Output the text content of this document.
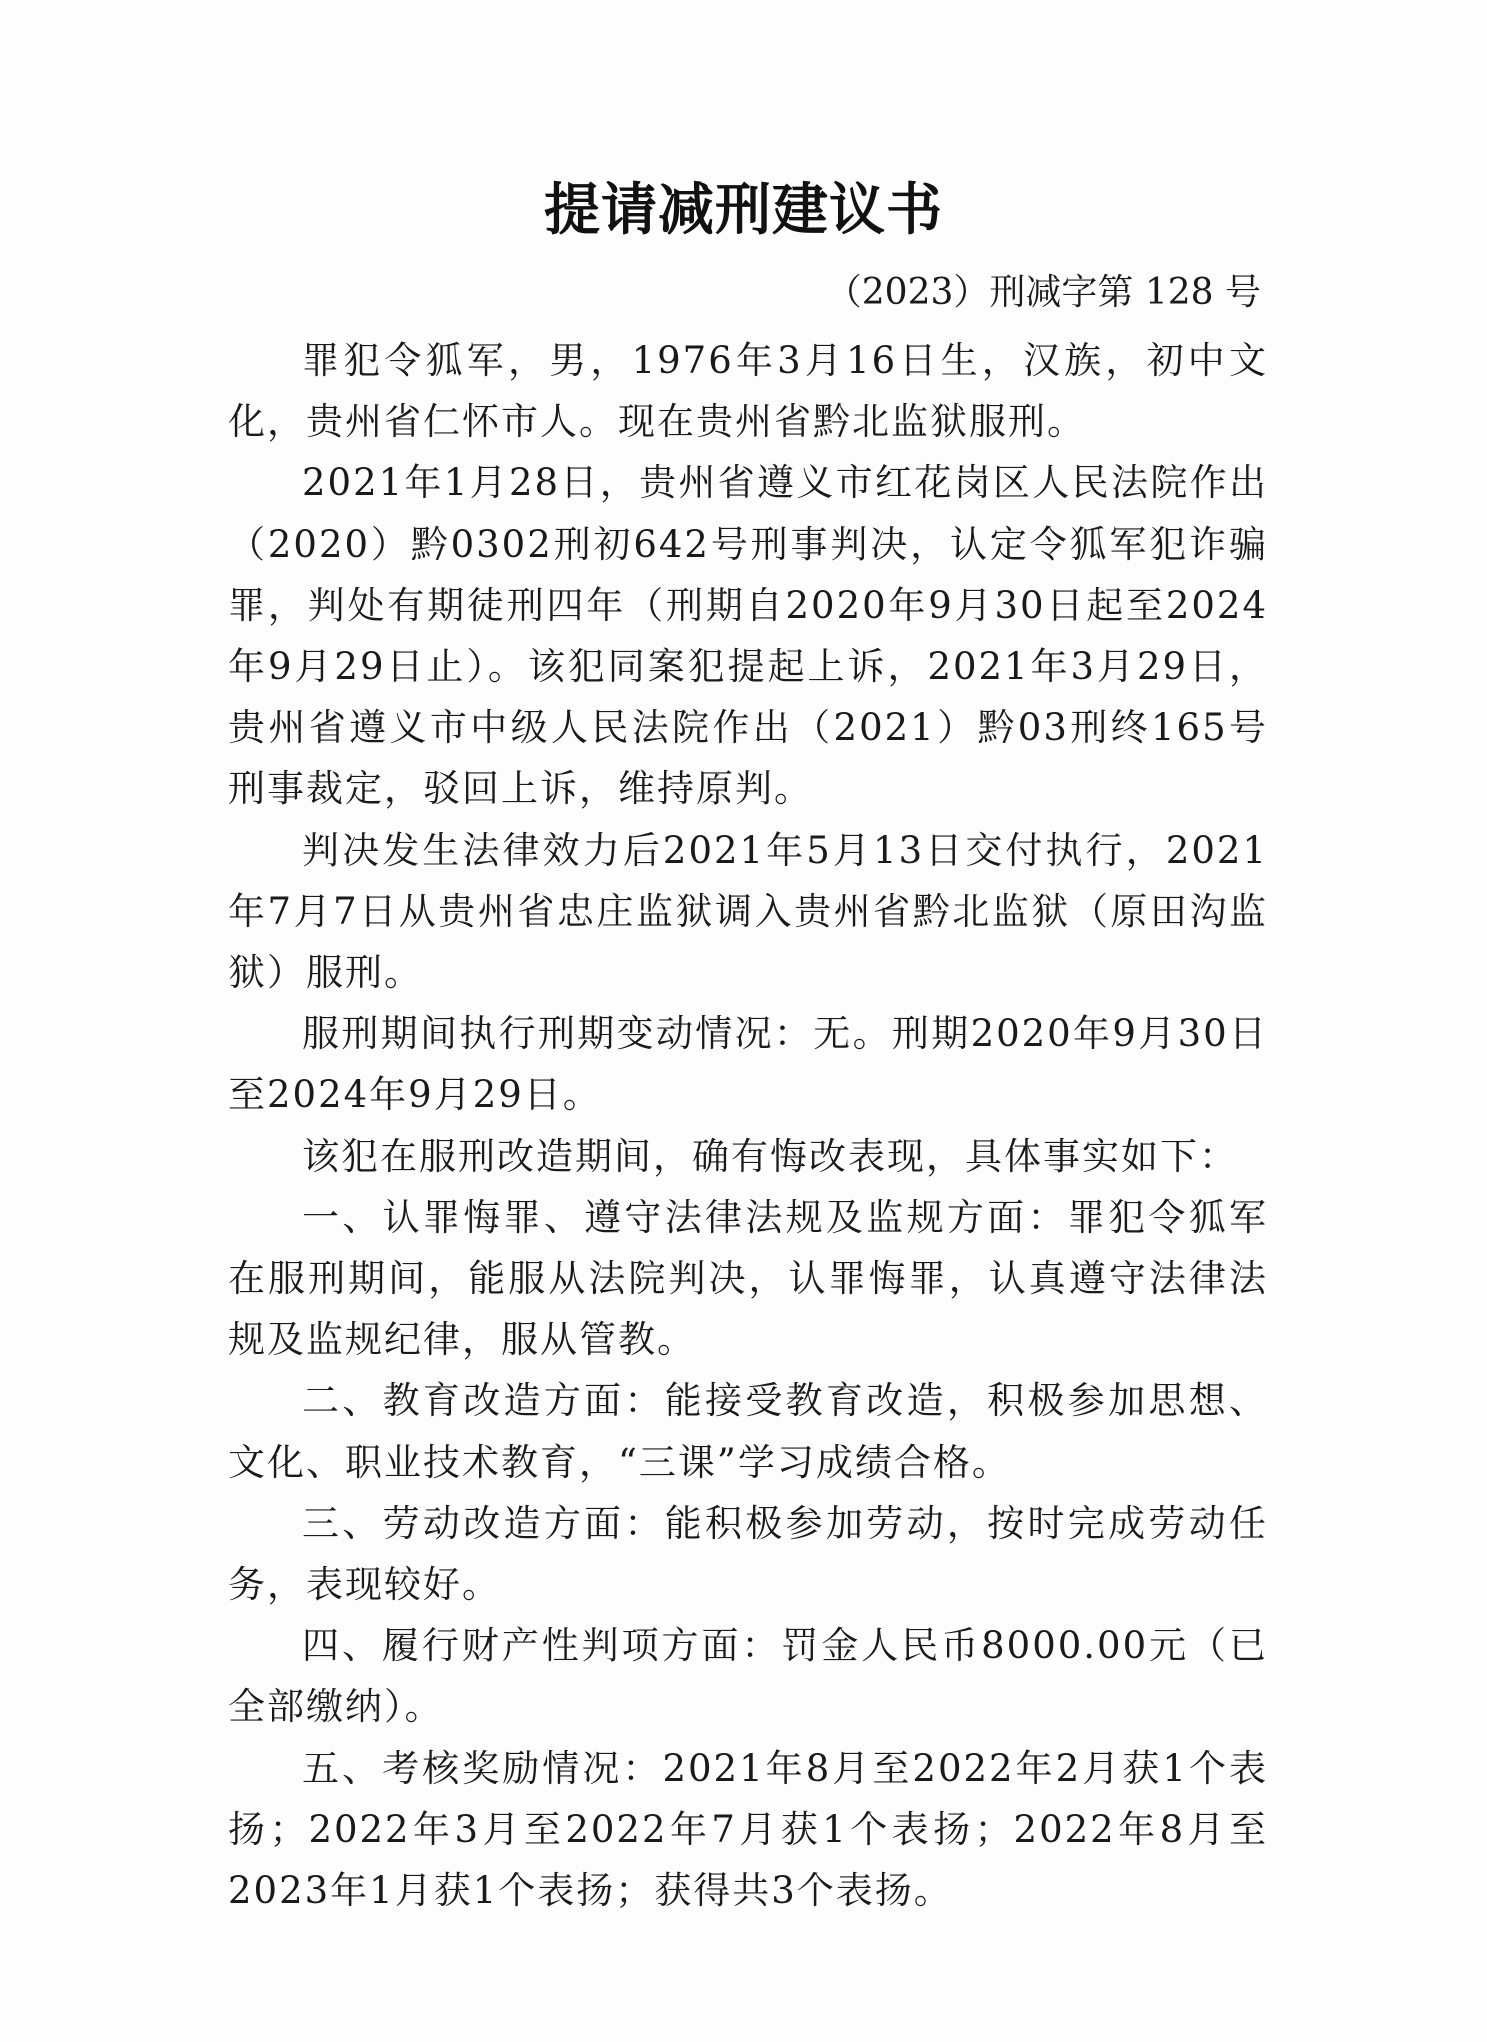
提请减刑建议书
（2023）刑减字第 128 号

罪犯令狐军，男，1976年3月16日生，汉族，初中文化，贵州省仁怀市人。现在贵州省黔北监狱服刑。

2021年1月28日，贵州省遵义市红花岗区人民法院作出（2020）黔0302刑初642号刑事判决，认定令狐军犯诈骗罪，判处有期徒刑四年（刑期自2020年9月30日起至2024年9月29日止）。该犯同案犯提起上诉，2021年3月29日，贵州省遵义市中级人民法院作出（2021）黔03刑终165号刑事裁定，驳回上诉，维持原判。

判决发生法律效力后2021年5月13日交付执行，2021年7月7日从贵州省忠庄监狱调入贵州省黔北监狱（原田沟监狱）服刑。

服刑期间执行刑期变动情况：无。刑期2020年9月30日至2024年9月29日。

该犯在服刑改造期间，确有悔改表现，具体事实如下：

一、认罪悔罪、遵守法律法规及监规方面：罪犯令狐军在服刑期间，能服从法院判决，认罪悔罪，认真遵守法律法规及监规纪律，服从管教。

二、教育改造方面：能接受教育改造，积极参加思想、文化、职业技术教育，“三课”学习成绩合格。

三、劳动改造方面：能积极参加劳动，按时完成劳动任务，表现较好。

四、履行财产性判项方面：罚金人民币8000.00元（已全部缴纳）。

五、考核奖励情况：2021年8月至2022年2月获1个表扬；2022年3月至2022年7月获1个表扬；2022年8月至2023年1月获1个表扬；获得共3个表扬。
